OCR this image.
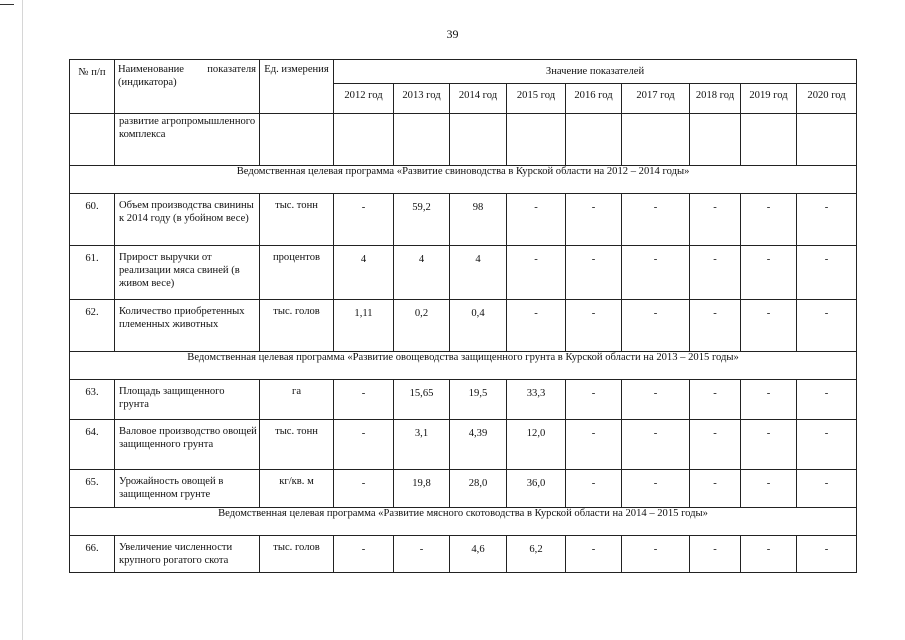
39
№ п/п	Наименование показателя (индикатора)	Ед. измерения	Значение показателей								
			2012 год	2013 год	2014 год	2015 год	2016 год	2017 год	2018 год	2019 год	2020 год
	развитие агропромышленного комплекса										
Ведомственная целевая программа «Развитие свиноводства в Курской области на 2012 – 2014 годы»											
60.	Объем производства свинины к 2014 году (в убойном весе)	тыс. тонн	-	59,2	98	-	-	-	-	-	-
61.	Прирост выручки от реализации мяса свиней (в живом весе)	процентов	4	4	4	-	-	-	-	-	-
62.	Количество приобретенных племенных животных	тыс. голов	1,11	0,2	0,4	-	-	-	-	-	-
Ведомственная целевая программа «Развитие овощеводства защищенного грунта в Курской области на 2013 – 2015 годы»											
63.	Площадь защищенного грунта	га	-	15,65	19,5	33,3	-	-	-	-	-
64.	Валовое производство овощей защищенного грунта	тыс. тонн	-	3,1	4,39	12,0	-	-	-	-	-
65.	Урожайность овощей в защищенном грунте	кг/кв. м	-	19,8	28,0	36,0	-	-	-	-	-
Ведомственная целевая программа «Развитие мясного скотоводства в Курской области на 2014 – 2015 годы»											
66.	Увеличение численности крупного рогатого скота	тыс. голов	-	-	4,6	6,2	-	-	-	-	-
